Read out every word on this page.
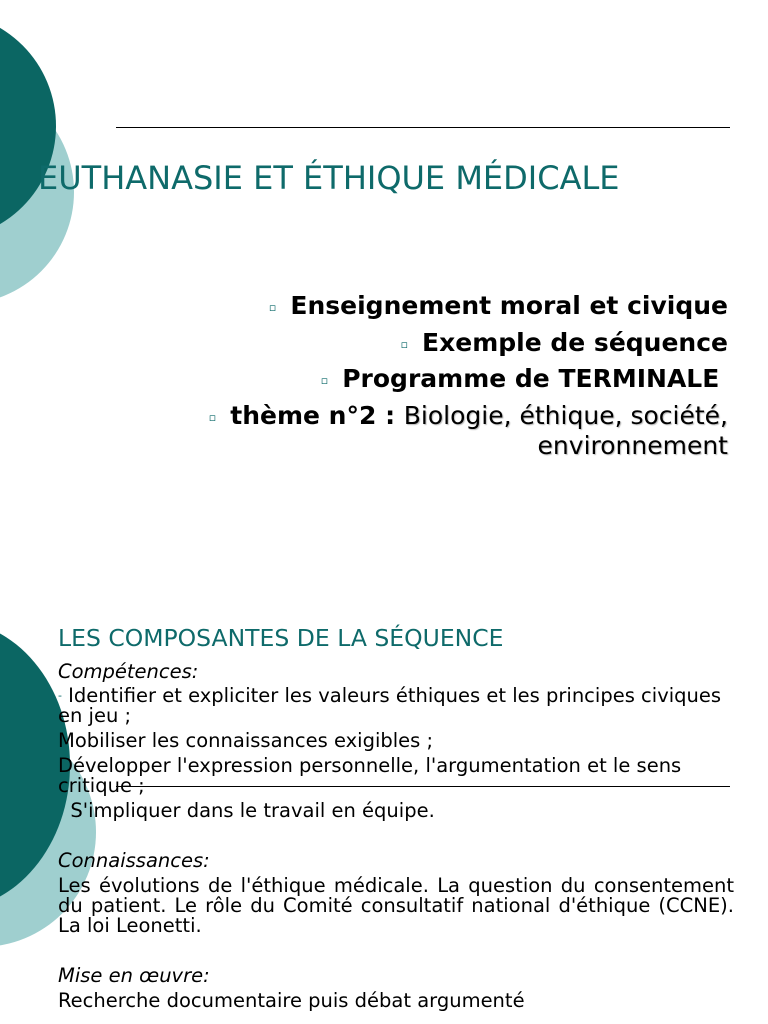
EUTHANASIE ET ÉTHIQUE MÉDICALE
▫ Enseignement moral et civique
▫ Exemple de séquence
▫ Programme de TERMINALE
▫ thème n°2 : Biologie, éthique, société,
environnement
LES COMPOSANTES DE LA SÉQUENCE

Compétences:

- Identifier et expliciter les valeurs éthiques et les principes civiques en jeu ;

Mobiliser les connaissances exigibles ;

Développer l'expression personnelle, l'argumentation et le sens critique ;

S'impliquer dans le travail en équipe.

Connaissances:

Les évolutions de l'éthique médicale. La question du consentement du patient. Le rôle du Comité consultatif national d'éthique (CCNE). La loi Leonetti.

Mise en œuvre:

Recherche documentaire puis débat argumenté
